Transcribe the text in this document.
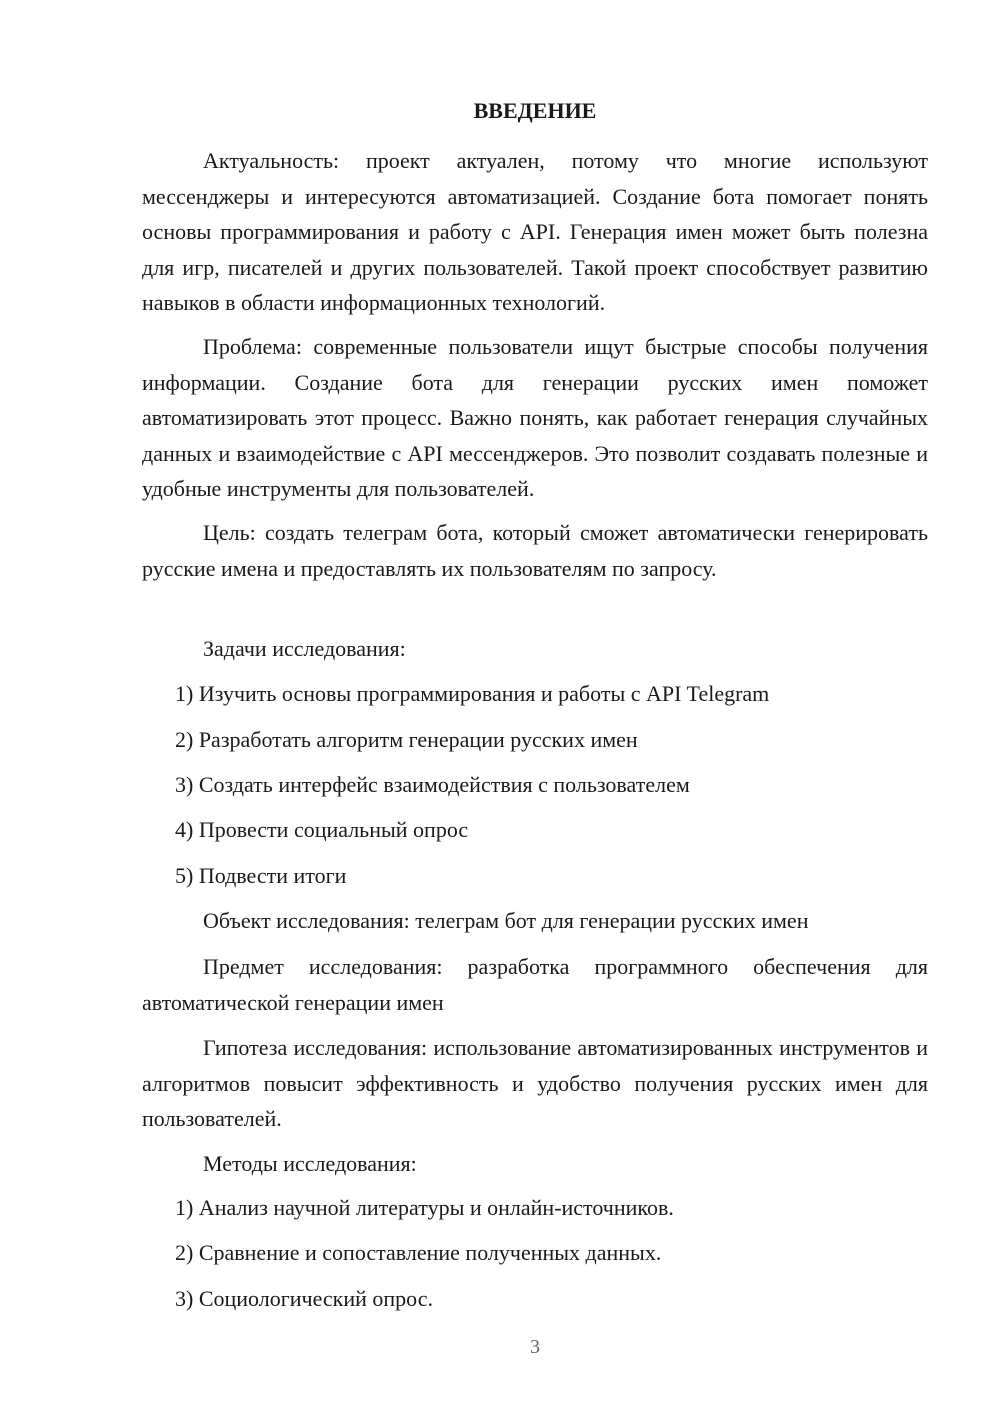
ВВЕДЕНИЕ

Актуальность: проект актуален, потому что многие используют мессенджеры и интересуются автоматизацией. Создание бота помогает понять основы программирования и работу с API. Генерация имен может быть полезна для игр, писателей и других пользователей. Такой проект способствует развитию навыков в области информационных технологий.

Проблема: современные пользователи ищут быстрые способы получения информации. Создание бота для генерации русских имен поможет автоматизировать этот процесс. Важно понять, как работает генерация случайных данных и взаимодействие с API мессенджеров. Это позволит создавать полезные и удобные инструменты для пользователей.

Цель: создать телеграм бота, который сможет автоматически генерировать русские имена и предоставлять их пользователям по запросу.

Задачи исследования:

1) Изучить основы программирования и работы с API Telegram

2) Разработать алгоритм генерации русских имен

3) Создать интерфейс взаимодействия с пользователем

4) Провести социальный опрос

5) Подвести итоги

Объект исследования: телеграм бот для генерации русских имен

Предмет исследования: разработка программного обеспечения для автоматической генерации имен

Гипотеза исследования: использование автоматизированных инструментов и алгоритмов повысит эффективность и удобство получения русских имен для пользователей.

Методы исследования:

1) Анализ научной литературы и онлайн-источников.

2) Сравнение и сопоставление полученных данных.

3) Социологический опрос.

3
